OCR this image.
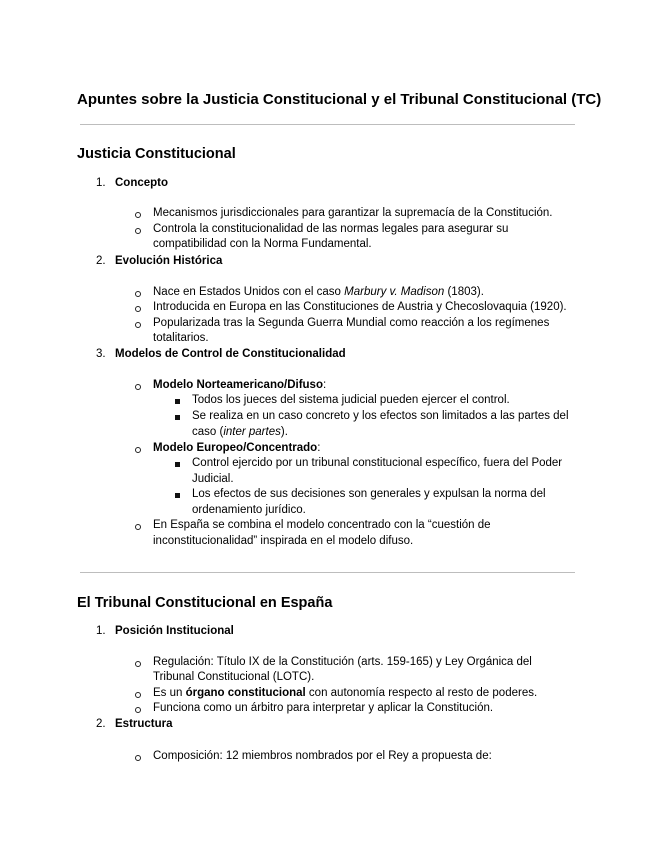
Apuntes sobre la Justicia Constitucional y el Tribunal Constitucional (TC)
Justicia Constitucional
1. Concepto
Mecanismos jurisdiccionales para garantizar la supremacía de la Constitución.
Controla la constitucionalidad de las normas legales para asegurar su
compatibilidad con la Norma Fundamental.
2. Evolución Histórica
Nace en Estados Unidos con el caso Marbury v. Madison (1803).
Introducida en Europa en las Constituciones de Austria y Checoslovaquia (1920).
Popularizada tras la Segunda Guerra Mundial como reacción a los regímenes
totalitarios.
3. Modelos de Control de Constitucionalidad
Modelo Norteamericano/Difuso:
Todos los jueces del sistema judicial pueden ejercer el control.
Se realiza en un caso concreto y los efectos son limitados a las partes del
caso (inter partes).
Modelo Europeo/Concentrado:
Control ejercido por un tribunal constitucional específico, fuera del Poder
Judicial.
Los efectos de sus decisiones son generales y expulsan la norma del
ordenamiento jurídico.
En España se combina el modelo concentrado con la “cuestión de
inconstitucionalidad” inspirada en el modelo difuso.
El Tribunal Constitucional en España
1. Posición Institucional
Regulación: Título IX de la Constitución (arts. 159-165) y Ley Orgánica del
Tribunal Constitucional (LOTC).
Es un órgano constitucional con autonomía respecto al resto de poderes.
Funciona como un árbitro para interpretar y aplicar la Constitución.
2. Estructura
Composición: 12 miembros nombrados por el Rey a propuesta de:
